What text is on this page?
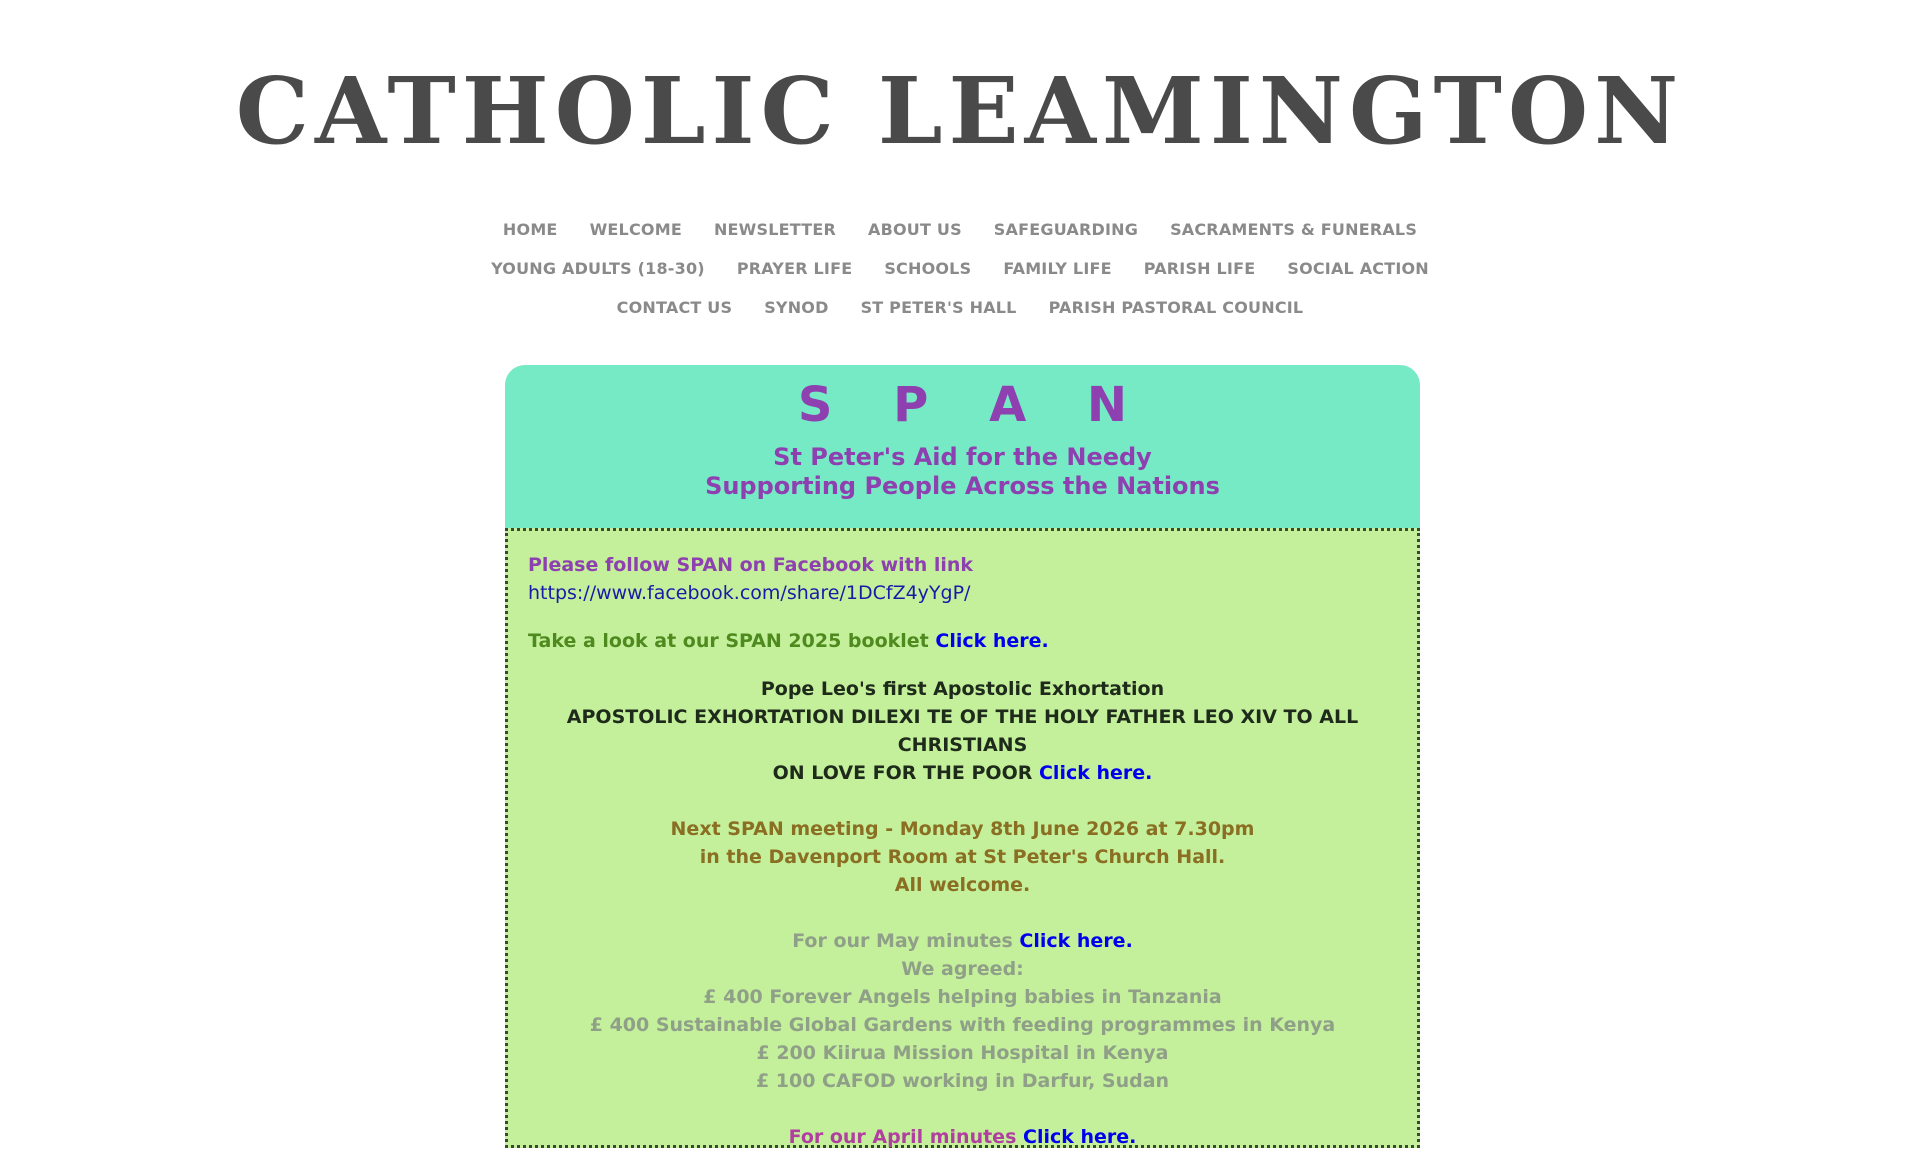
CATHOLIC LEAMINGTON
HOME WELCOME NEWSLETTER ABOUT US SAFEGUARDING SACRAMENTS & FUNERALS
YOUNG ADULTS (18-30) PRAYER LIFE SCHOOLS FAMILY LIFE PARISH LIFE SOCIAL ACTION
CONTACT US SYNOD ST PETER'S HALL PARISH PASTORAL COUNCIL
S P A N
St Peter's Aid for the Needy
Supporting People Across the Nations

Please follow SPAN on Facebook with link https://www.facebook.com/share/1DCfZ4yYgP/

Take a look at our SPAN 2025 booklet Click here.

Pope Leo's first Apostolic Exhortation

APOSTOLIC EXHORTATION DILEXI TE OF THE HOLY FATHER LEO XIV TO ALL CHRISTIANS

ON LOVE FOR THE POOR Click here.

Next SPAN meeting - Monday 8th June 2026 at 7.30pm

in the Davenport Room at St Peter's Church Hall.

All welcome.

For our May minutes Click here.

We agreed:

£ 400 Forever Angels helping babies in Tanzania

£ 400 Sustainable Global Gardens with feeding programmes in Kenya

£ 200 Kiirua Mission Hospital in Kenya

£ 100 CAFOD working in Darfur, Sudan

For our April minutes Click here.
